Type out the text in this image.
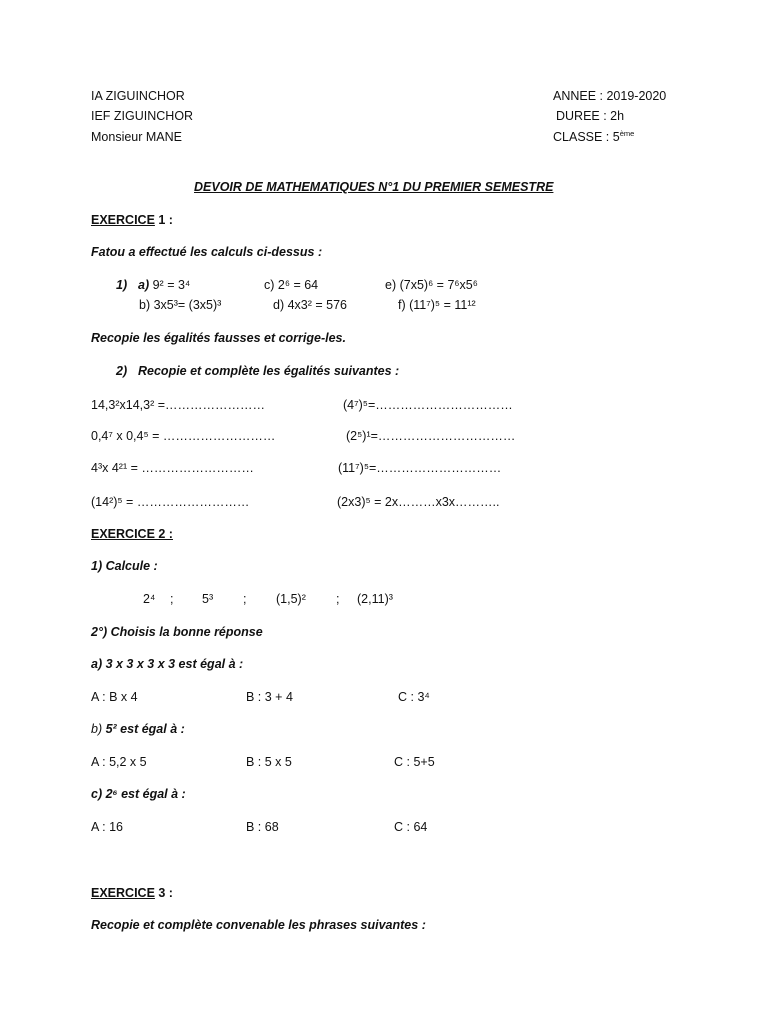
IA ZIGUINCHOR
IEF ZIGUINCHOR
Monsieur MANE
ANNEE : 2019-2020
DUREE : 2h
CLASSE : 5ème
DEVOIR DE MATHEMATIQUES N°1 DU PREMIER SEMESTRE
EXERCICE 1 :
Fatou a effectué les calculs ci-dessus :
1) a) 9² = 3⁴	c) 2⁶ = 64	e) (7x5)⁶ = 7⁶x5⁶
b) 3x5³= (3x5)³	d) 4x3² = 576	f) (11⁷)⁵ = 11¹²
Recopie les égalités fausses et corrige-les.
2) Recopie et complète les égalités suivantes :
14,3²x14,3² =……………………	(4⁷)⁵=……………………………
0,4⁷ x 0,4⁵ = ………………………	(2⁵)¹=……………………………
4³x 4²¹ = ………………………	(11⁷)⁵=…………………………
(14²)⁵ = ………………………	(2x3)⁵ = 2x………x3x………..
EXERCICE 2 :
1) Calcule :
2⁴ ; 5³ ; (1,5)² ; (2,11)³
2°) Choisis la bonne réponse
a) 3 x 3 x 3 x 3 est égal à :
A : B x 4	B : 3 + 4	C : 3⁴
b) 5² est égal à :
A : 5,2 x 5	B : 5 x 5	C : 5+5
c) 2⁶ est égal à :
A : 16	B : 68	C : 64
EXERCICE 3 :
Recopie et complète convenable les phrases suivantes :
